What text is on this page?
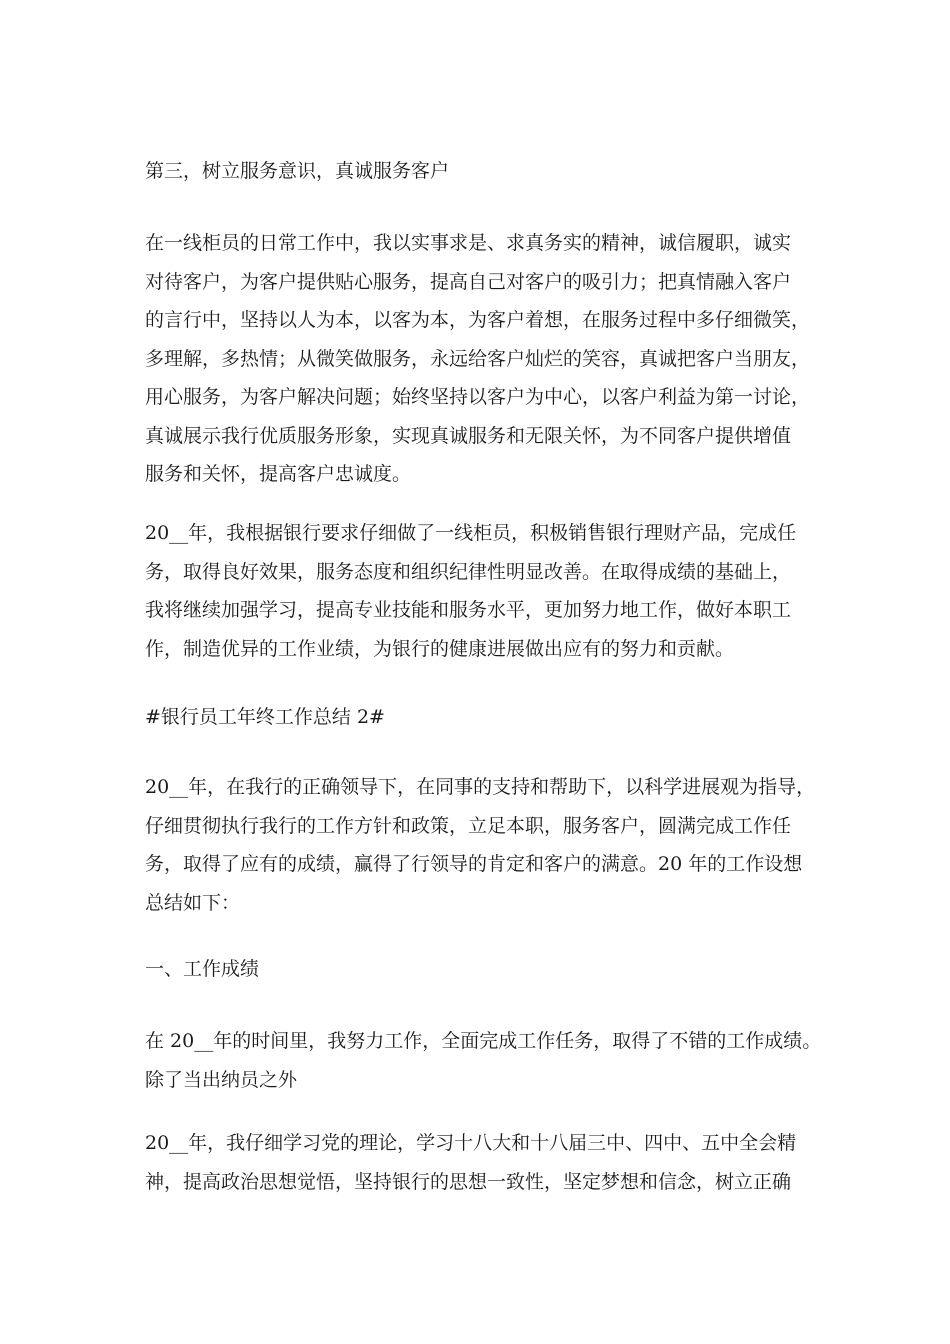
第三，树立服务意识，真诚服务客户
在一线柜员的日常工作中，我以实事求是、求真务实的精神，诚信履职，诚实
对待客户，为客户提供贴心服务，提高自己对客户的吸引力；把真情融入客户
的言行中，坚持以人为本，以客为本，为客户着想，在服务过程中多仔细微笑，
多理解，多热情；从微笑做服务，永远给客户灿烂的笑容，真诚把客户当朋友，
用心服务，为客户解决问题；始终坚持以客户为中心，以客户利益为第一讨论，
真诚展示我行优质服务形象，实现真诚服务和无限关怀，为不同客户提供增值
服务和关怀，提高客户忠诚度。
20__年，我根据银行要求仔细做了一线柜员，积极销售银行理财产品，完成任
务，取得良好效果，服务态度和组织纪律性明显改善。在取得成绩的基础上，
我将继续加强学习，提高专业技能和服务水平，更加努力地工作，做好本职工
作，制造优异的工作业绩，为银行的健康进展做出应有的努力和贡献。
#银行员工年终工作总结 2#
20__年，在我行的正确领导下，在同事的支持和帮助下，以科学进展观为指导，
仔细贯彻执行我行的工作方针和政策，立足本职，服务客户，圆满完成工作任
务，取得了应有的成绩，赢得了行领导的肯定和客户的满意。20 年的工作设想
总结如下：
一、工作成绩
在 20__年的时间里，我努力工作，全面完成工作任务，取得了不错的工作成绩。
除了当出纳员之外
20__年，我仔细学习党的理论，学习十八大和十八届三中、四中、五中全会精
神，提高政治思想觉悟，坚持银行的思想一致性，坚定梦想和信念，树立正确
